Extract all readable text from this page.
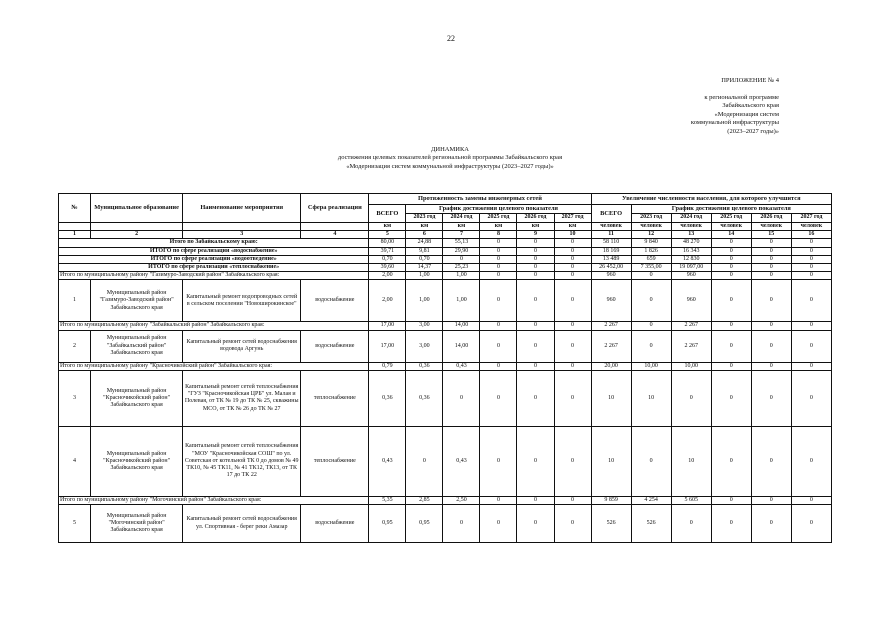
22
ПРИЛОЖЕНИЕ № 4
к региональной программе
Забайкальского края
«Модернизация систем
коммунальной инфраструктуры
(2023–2027 годы)»
ДИНАМИКА
достижения целевых показателей региональной программы Забайкальского края
«Модернизация систем коммунальной инфраструктуры (2023–2027 годы)»
№	Муниципальное образование	Наименование мероприятия	Сфера реализации	Протяженность замены инженерных сетей						Увеличение численности населения, для которого улучшится					
				ВСЕГО	График достижения целевого показателя					ВСЕГО	График достижения целевого показателя				
					2023 год	2024 год	2025 год	2026 год	2027 год		2023 год	2024 год	2025 год	2026 год	2027 год
				км	км	км	км	км	км	человек	человек	человек	человек	человек	человек
1	2	3	4	5	6	7	8	9	10	11	12	13	14	15	16
Итого по Забайкальскому краю:				80,00	24,88	55,13	0	0	0	58 110	9 840	48 270	0	0	0
ИТОГО по сфере реализации «водоснабжение»				39,71	9,81	29,90	0	0	0	18 169	1 826	16 343	0	0	0
ИТОГО по сфере реализации «водоотведение»				0,70	0,70	0	0	0	0	13 489	659	12 830	0	0	0
ИТОГО по сфере реализации «теплоснабжение»				39,60	14,37	25,23	0	0	0	26 452,00	7 355,00	19 097,00	0	0	0
Итого по муниципальному району "Газимуро-Заводский район" Забайкальского края:				2,00	1,00	1,00	0	0	0	960	0	960	0	0	0
1	Муниципальный район "Газимуро-Заводский район" Забайкальского края	Капитальный ремонт водопроводных сетей в сельском поселении "Новоширокинское"	водоснабжение	2,00	1,00	1,00	0	0	0	960	0	960	0	0	0
Итого по муниципальному району "Забайкальский район" Забайкальского края:				17,00	3,00	14,00	0	0	0	2 267	0	2 267	0	0	0
2	Муниципальный район "Забайкальский район" Забайкальского края	Капитальный ремонт сетей водоснабжения водовода Аргунь	водоснабжение	17,00	3,00	14,00	0	0	0	2 267	0	2 267	0	0	0
Итого по муниципальному району "Красночикойский район" Забайкальского края:				0,79	0,36	0,43	0	0	0	20,00	10,00	10,00	0	0	0
3	Муниципальный район "Красночикойский район" Забайкальского края	Капитальный ремонт сетей теплоснабжения "ГУЗ "Красночикойская ЦРБ" ул. Малая и Полевая, от ТК № 19 до ТК № 25, скважины МСО, от ТК № 26 до ТК № 27	теплоснабжение	0,36	0,36	0	0	0	0	10	10	0	0	0	0
4	Муниципальный район "Красночикойский район" Забайкальского края	Капитальный ремонт сетей теплоснабжения "МОУ "Красночикойская СОШ" по ул. Советская от котельной ТК 0 до домов № 49 ТК10, № 45 ТК11, № 41 ТК12, ТК13, от ТК 17 до ТК 22	теплоснабжение	0,43	0	0,43	0	0	0	10	0	10	0	0	0
Итого по муниципальному району "Могочинский район" Забайкальского края:				5,35	2,85	2,50	0	0	0	9 859	4 254	5 605	0	0	0
5	Муниципальный район "Могочинский район" Забайкальского края	Капитальный ремонт сетей водоснабжения ул. Спортивная - берег реки Амазар	водоснабжение	0,95	0,95	0	0	0	0	526	526	0	0	0	0
